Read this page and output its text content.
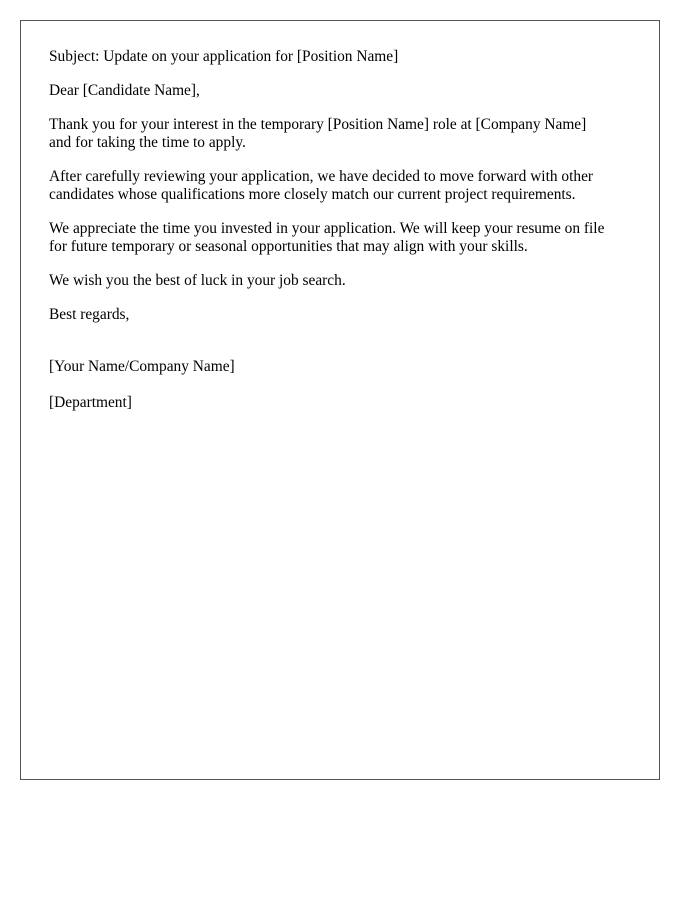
Subject: Update on your application for [Position Name]

Dear [Candidate Name],

Thank you for your interest in the temporary [Position Name] role at [Company Name]
and for taking the time to apply.

After carefully reviewing your application, we have decided to move forward with other
candidates whose qualifications more closely match our current project requirements.

We appreciate the time you invested in your application. We will keep your resume on file
for future temporary or seasonal opportunities that may align with your skills.

We wish you the best of luck in your job search.

Best regards,

[Your Name/Company Name]

[Department]
